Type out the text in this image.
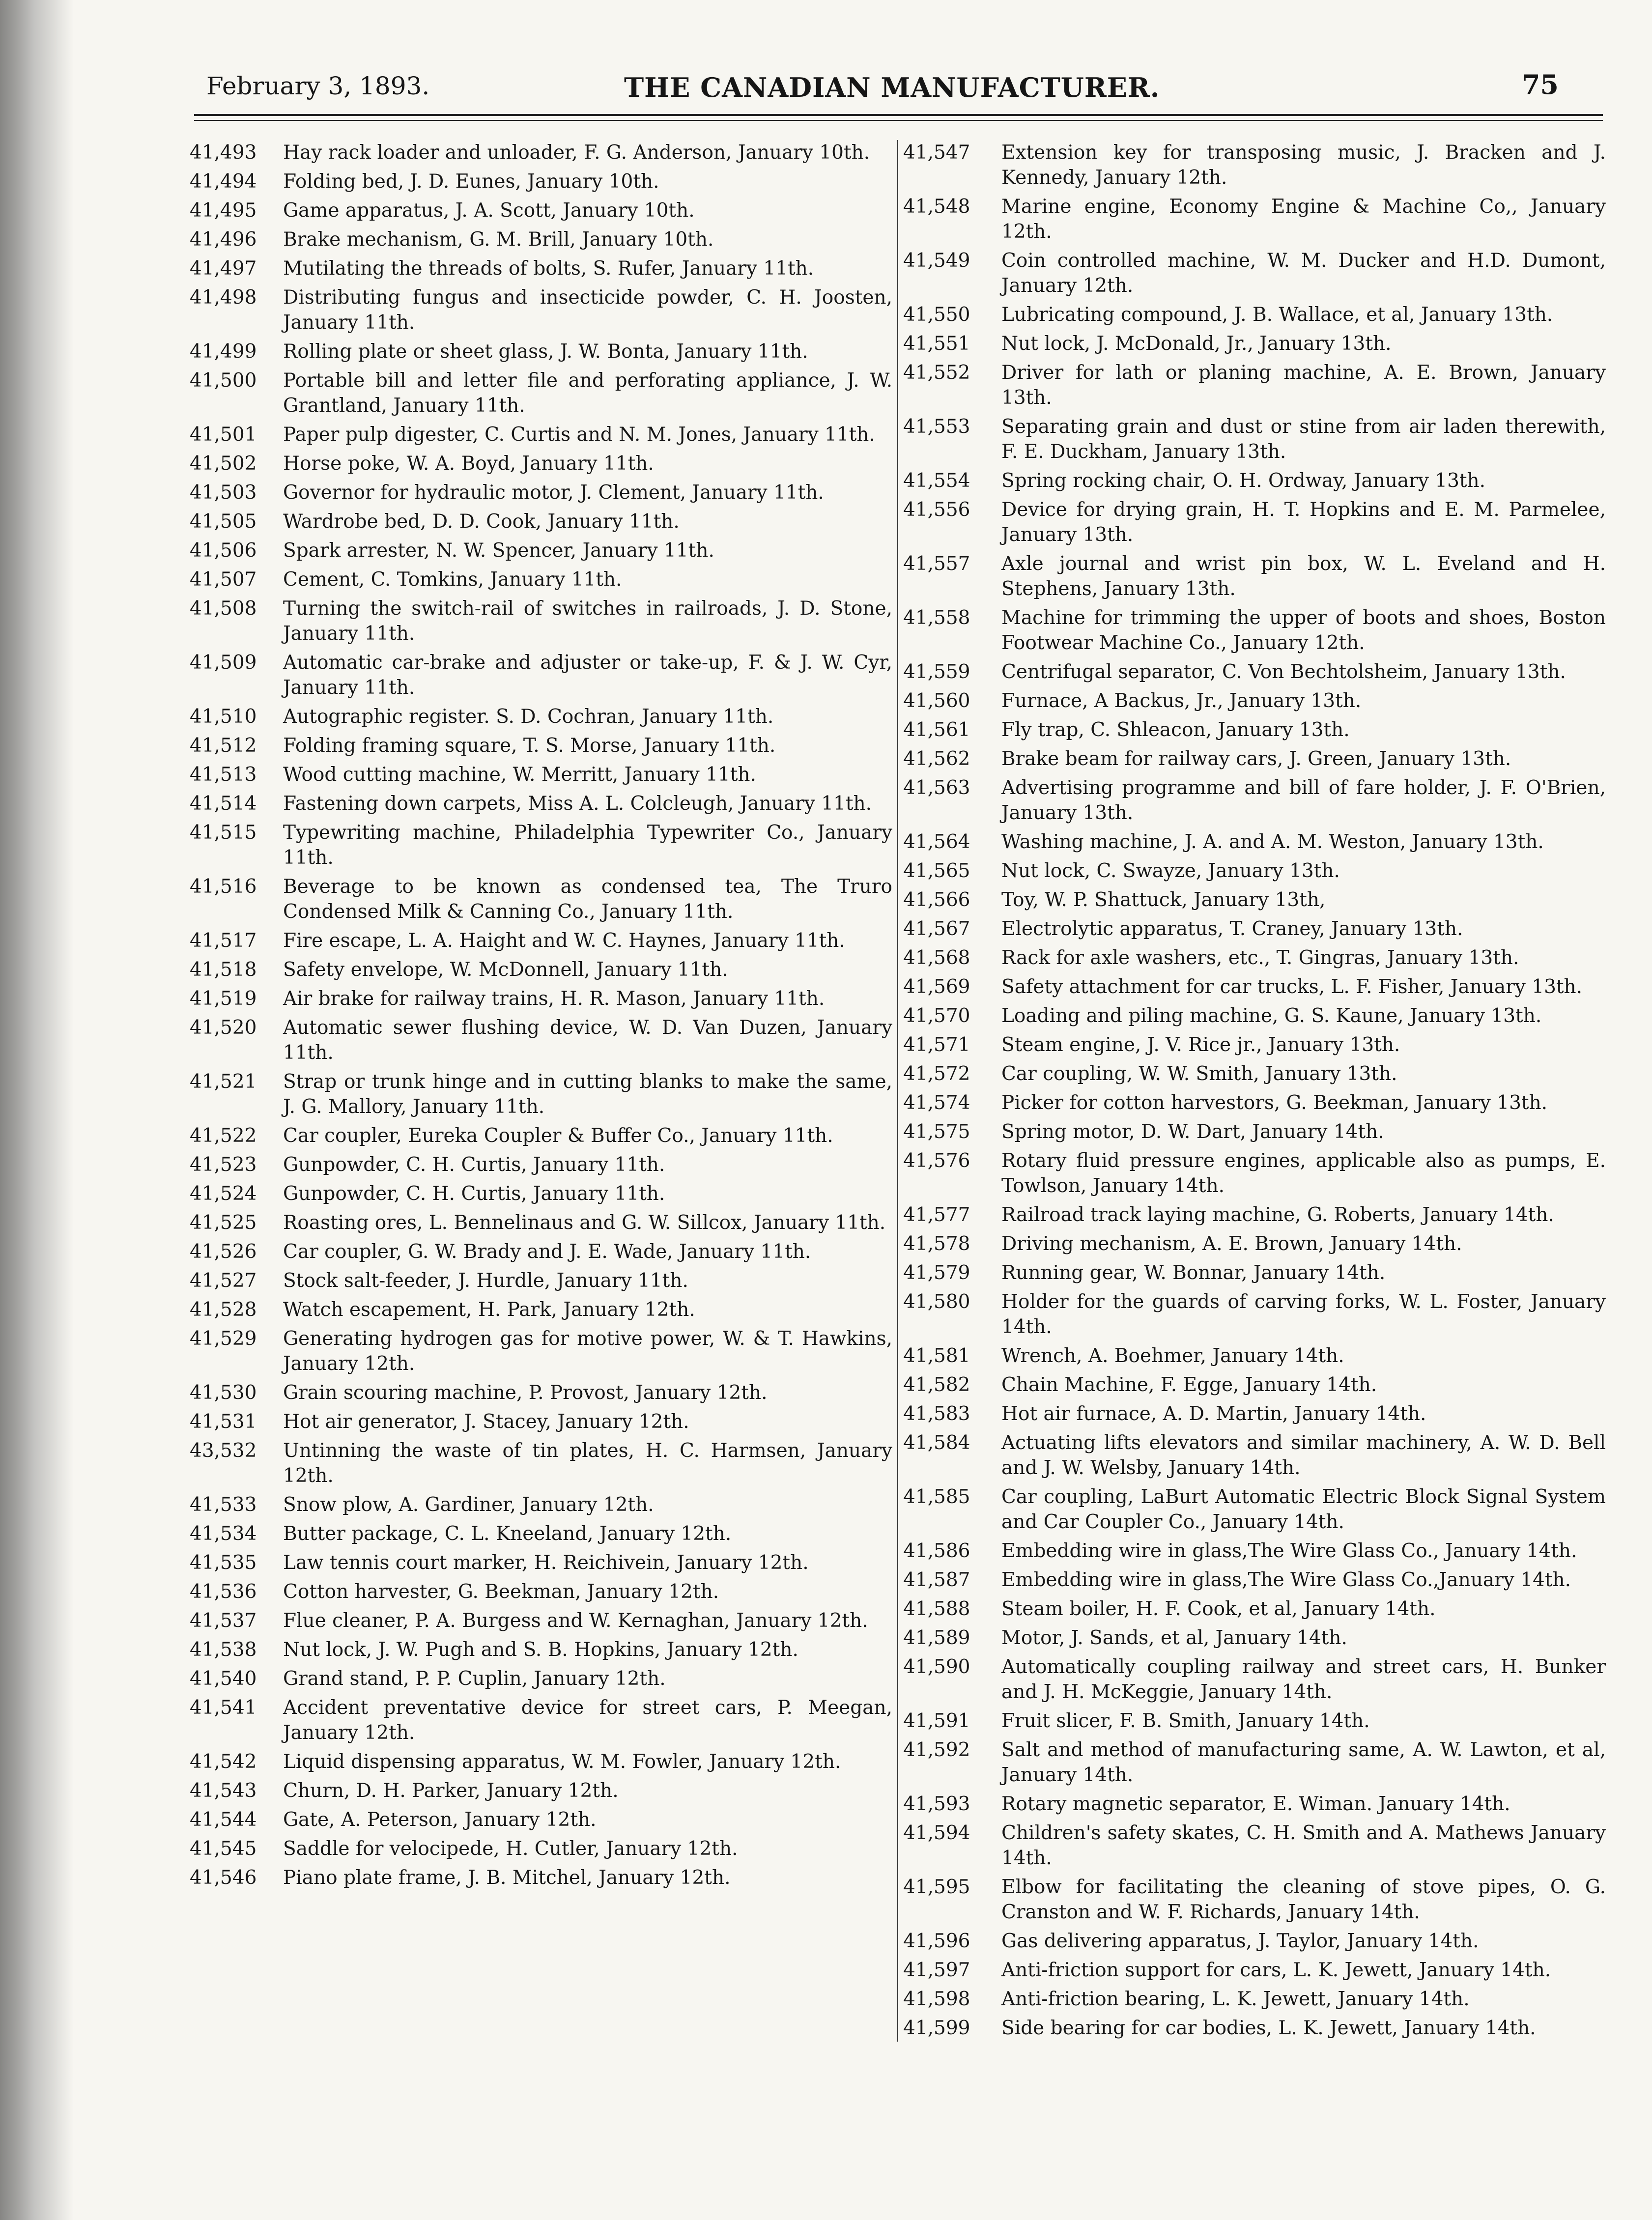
February 3, 1893.	THE CANADIAN MANUFACTURER.	75
41,493	Hay rack loader and unloader, F. G. Anderson, January 10th.
41,494	Folding bed, J. D. Eunes, January 10th.
41,495	Game apparatus, J. A. Scott, January 10th.
41,496	Brake mechanism, G. M. Brill, January 10th.
41,497	Mutilating the threads of bolts, S. Rufer, January 11th.
41,498	Distributing fungus and insecticide powder, C. H. Joosten, January 11th.
41,499	Rolling plate or sheet glass, J. W. Bonta, January 11th.
41,500	Portable bill and letter file and perforating appliance, J. W. Grantland, January 11th.
41,501	Paper pulp digester, C. Curtis and N. M. Jones, January 11th.
41,502	Horse poke, W. A. Boyd, January 11th.
41,503	Governor for hydraulic motor, J. Clement, January 11th.
41,505	Wardrobe bed, D. D. Cook, January 11th.
41,506	Spark arrester, N. W. Spencer, January 11th.
41,507	Cement, C. Tomkins, January 11th.
41,508	Turning the switch-rail of switches in railroads, J. D. Stone, January 11th.
41,509	Automatic car-brake and adjuster or take-up, F. & J. W. Cyr, January 11th.
41,510	Autographic register. S. D. Cochran, January 11th.
41,512	Folding framing square, T. S. Morse, January 11th.
41,513	Wood cutting machine, W. Merritt, January 11th.
41,514	Fastening down carpets, Miss A. L. Colcleugh, January 11th.
41,515	Typewriting machine, Philadelphia Typewriter Co., January 11th.
41,516	Beverage to be known as condensed tea, The Truro Condensed Milk & Canning Co., January 11th.
41,517	Fire escape, L. A. Haight and W. C. Haynes, January 11th.
41,518	Safety envelope, W. McDonnell, January 11th.
41,519	Air brake for railway trains, H. R. Mason, January 11th.
41,520	Automatic sewer flushing device, W. D. Van Duzen, January 11th.
41,521	Strap or trunk hinge and in cutting blanks to make the same, J. G. Mallory, January 11th.
41,522	Car coupler, Eureka Coupler & Buffer Co., January 11th.
41,523	Gunpowder, C. H. Curtis, January 11th.
41,524	Gunpowder, C. H. Curtis, January 11th.
41,525	Roasting ores, L. Bennelinaus and G. W. Sillcox, January 11th.
41,526	Car coupler, G. W. Brady and J. E. Wade, January 11th.
41,527	Stock salt-feeder, J. Hurdle, January 11th.
41,528	Watch escapement, H. Park, January 12th.
41,529	Generating hydrogen gas for motive power, W. & T. Hawkins, January 12th.
41,530	Grain scouring machine, P. Provost, January 12th.
41,531	Hot air generator, J. Stacey, January 12th.
43,532	Untinning the waste of tin plates, H. C. Harmsen, January 12th.
41,533	Snow plow, A. Gardiner, January 12th.
41,534	Butter package, C. L. Kneeland, January 12th.
41,535	Law tennis court marker, H. Reichivein, January 12th.
41,536	Cotton harvester, G. Beekman, January 12th.
41,537	Flue cleaner, P. A. Burgess and W. Kernaghan, January 12th.
41,538	Nut lock, J. W. Pugh and S. B. Hopkins, January 12th.
41,540	Grand stand, P. P. Cuplin, January 12th.
41,541	Accident preventative device for street cars, P. Meegan, January 12th.
41,542	Liquid dispensing apparatus, W. M. Fowler, January 12th.
41,543	Churn, D. H. Parker, January 12th.
41,544	Gate, A. Peterson, January 12th.
41,545	Saddle for velocipede, H. Cutler, January 12th.
41,546	Piano plate frame, J. B. Mitchel, January 12th.
41,547	Extension key for transposing music, J. Bracken and J. Kennedy, January 12th.
41,548	Marine engine, Economy Engine & Machine Co,, January 12th.
41,549	Coin controlled machine, W. M. Ducker and H.D. Dumont, January 12th.
41,550	Lubricating compound, J. B. Wallace, et al, January 13th.
41,551	Nut lock, J. McDonald, Jr., January 13th.
41,552	Driver for lath or planing machine, A. E. Brown, January 13th.
41,553	Separating grain and dust or stine from air laden therewith, F. E. Duckham, January 13th.
41,554	Spring rocking chair, O. H. Ordway, January 13th.
41,556	Device for drying grain, H. T. Hopkins and E. M. Parmelee, January 13th.
41,557	Axle journal and wrist pin box, W. L. Eveland and H. Stephens, January 13th.
41,558	Machine for trimming the upper of boots and shoes, Boston Footwear Machine Co., January 12th.
41,559	Centrifugal separator, C. Von Bechtolsheim, January 13th.
41,560	Furnace, A Backus, Jr., January 13th.
41,561	Fly trap, C. Shleacon, January 13th.
41,562	Brake beam for railway cars, J. Green, January 13th.
41,563	Advertising programme and bill of fare holder, J. F. O'Brien, January 13th.
41,564	Washing machine, J. A. and A. M. Weston, January 13th.
41,565	Nut lock, C. Swayze, January 13th.
41,566	Toy, W. P. Shattuck, January 13th,
41,567	Electrolytic apparatus, T. Craney, January 13th.
41,568	Rack for axle washers, etc., T. Gingras, January 13th.
41,569	Safety attachment for car trucks, L. F. Fisher, January 13th.
41,570	Loading and piling machine, G. S. Kaune, January 13th.
41,571	Steam engine, J. V. Rice jr., January 13th.
41,572	Car coupling, W. W. Smith, January 13th.
41,574	Picker for cotton harvestors, G. Beekman, January 13th.
41,575	Spring motor, D. W. Dart, January 14th.
41,576	Rotary fluid pressure engines, applicable also as pumps, E. Towlson, January 14th.
41,577	Railroad track laying machine, G. Roberts, January 14th.
41,578	Driving mechanism, A. E. Brown, January 14th.
41,579	Running gear, W. Bonnar, January 14th.
41,580	Holder for the guards of carving forks, W. L. Foster, January 14th.
41,581	Wrench, A. Boehmer, January 14th.
41,582	Chain Machine, F. Egge, January 14th.
41,583	Hot air furnace, A. D. Martin, January 14th.
41,584	Actuating lifts elevators and similar machinery, A. W. D. Bell and J. W. Welsby, January 14th.
41,585	Car coupling, LaBurt Automatic Electric Block Signal System and Car Coupler Co., January 14th.
41,586	Embedding wire in glass,The Wire Glass Co., January 14th.
41,587	Embedding wire in glass,The Wire Glass Co.,January 14th.
41,588	Steam boiler, H. F. Cook, et al, January 14th.
41,589	Motor, J. Sands, et al, January 14th.
41,590	Automatically coupling railway and street cars, H. Bunker and J. H. McKeggie, January 14th.
41,591	Fruit slicer, F. B. Smith, January 14th.
41,592	Salt and method of manufacturing same, A. W. Lawton, et al, January 14th.
41,593	Rotary magnetic separator, E. Wiman. January 14th.
41,594	Children's safety skates, C. H. Smith and A. Mathews January 14th.
41,595	Elbow for facilitating the cleaning of stove pipes, O. G. Cranston and W. F. Richards, January 14th.
41,596	Gas delivering apparatus, J. Taylor, January 14th.
41,597	Anti-friction support for cars, L. K. Jewett, January 14th.
41,598	Anti-friction bearing, L. K. Jewett, January 14th.
41,599	Side bearing for car bodies, L. K. Jewett, January 14th.
